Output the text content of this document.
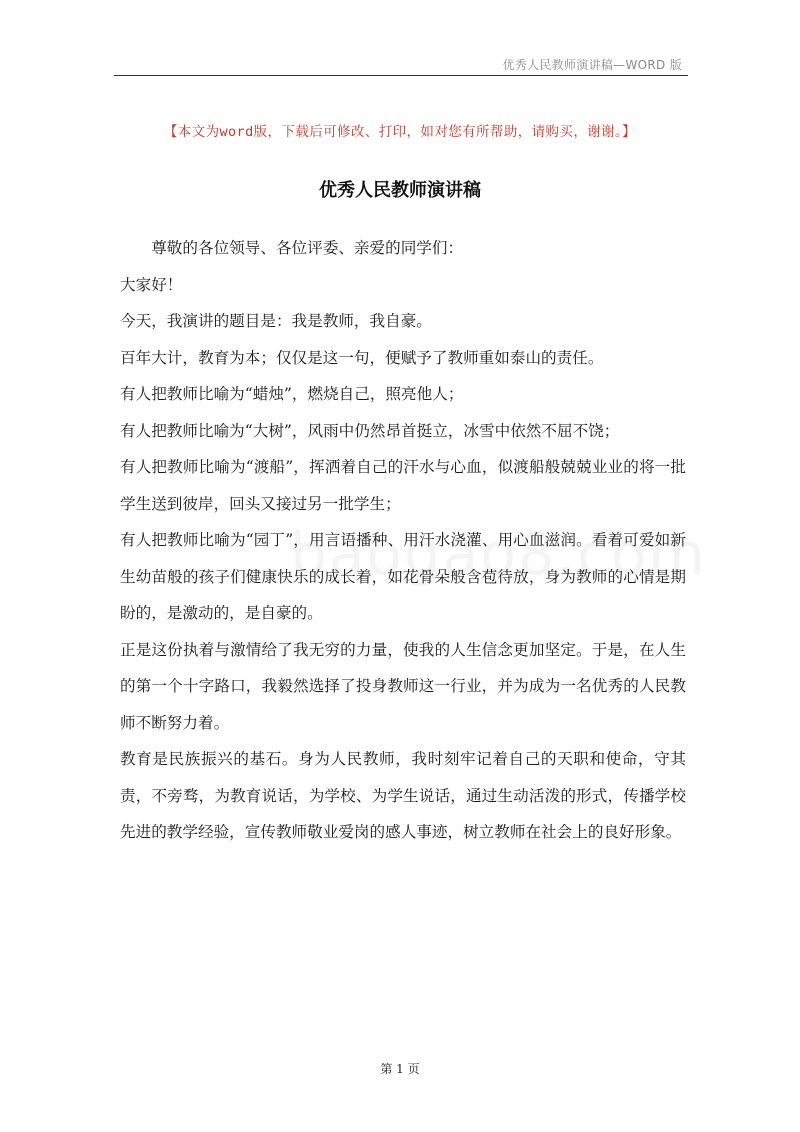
优秀人民教师演讲稿—WORD 版
【本文为word版，下载后可修改、打印，如对您有所帮助，请购买，谢谢。】
优秀人民教师演讲稿

尊敬的各位领导、各位评委、亲爱的同学们：

大家好！

今天，我演讲的题目是：我是教师，我自豪。

百年大计，教育为本；仅仅是这一句，便赋予了教师重如泰山的责任。

有人把教师比喻为“蜡烛”，燃烧自己，照亮他人；

有人把教师比喻为“大树”，风雨中仍然昂首挺立，冰雪中依然不屈不饶；

有人把教师比喻为“渡船”，挥洒着自己的汗水与心血，似渡船般兢兢业业的将一批学生送到彼岸，回头又接过另一批学生；

有人把教师比喻为“园丁”，用言语播种、用汗水浇灌、用心血滋润。看着可爱如新生幼苗般的孩子们健康快乐的成长着，如花骨朵般含苞待放，身为教师的心情是期盼的，是激动的，是自豪的。

正是这份执着与激情给了我无穷的力量，使我的人生信念更加坚定。于是，在人生的第一个十字路口，我毅然选择了投身教师这一行业，并为成为一名优秀的人民教师不断努力着。

教育是民族振兴的基石。身为人民教师，我时刻牢记着自己的天职和使命，守其责，不旁骛，为教育说话，为学校、为学生说话，通过生动活泼的形式，传播学校先进的教学经验，宣传教师敬业爱岗的感人事迹，树立教师在社会上的良好形象。

第 1 页
